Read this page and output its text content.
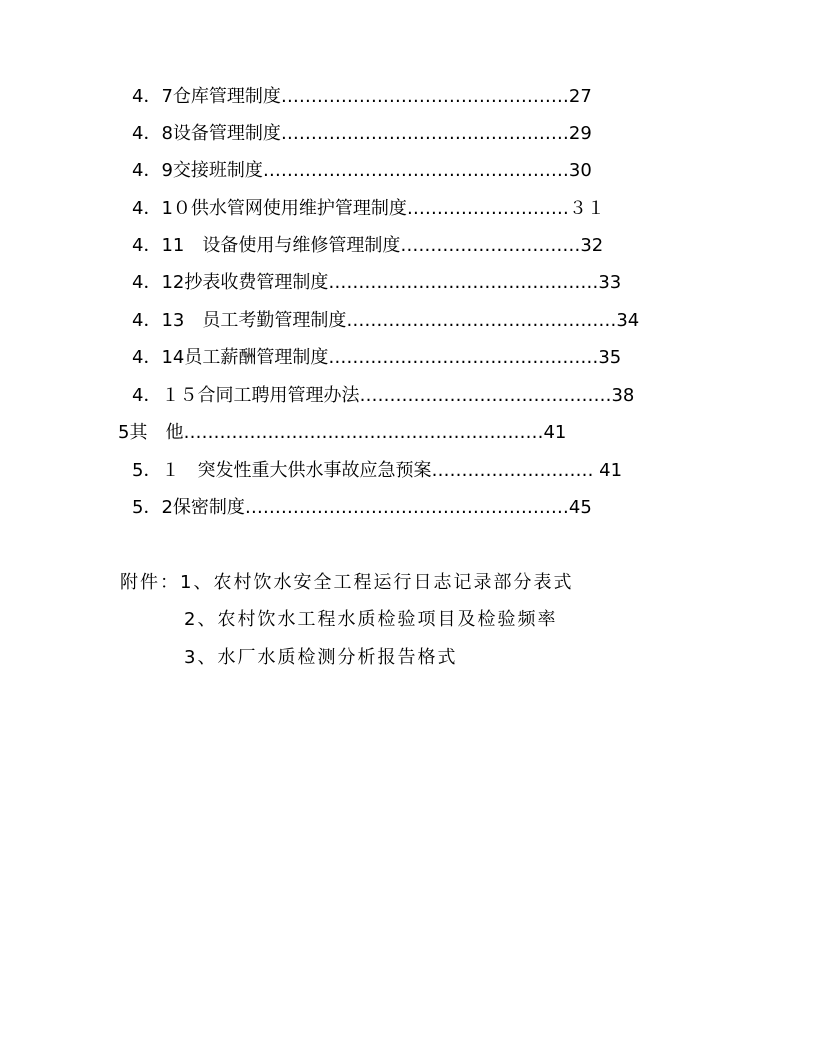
4．7仓库管理制度…………………………………………27
4．8设备管理制度…………………………………………29
4．9交接班制度……………………………………………30
4．1０供水管网使用维护管理制度………………………３１
4．11　设备使用与维修管理制度…………………………32
4．12抄表收费管理制度………………………………………33
4．13　员工考勤管理制度………………………………………34
4．14员工薪酬管理制度………………………………………35
4．１５合同工聘用管理办法……………………………………38
5其　他……………………………………………………41
5．１　突发性重大供水事故应急预案……………………… 41
5．2保密制度………………………………………………45
附件：1、农村饮水安全工程运行日志记录部分表式
2、农村饮水工程水质检验项目及检验频率
3、水厂水质检测分析报告格式
